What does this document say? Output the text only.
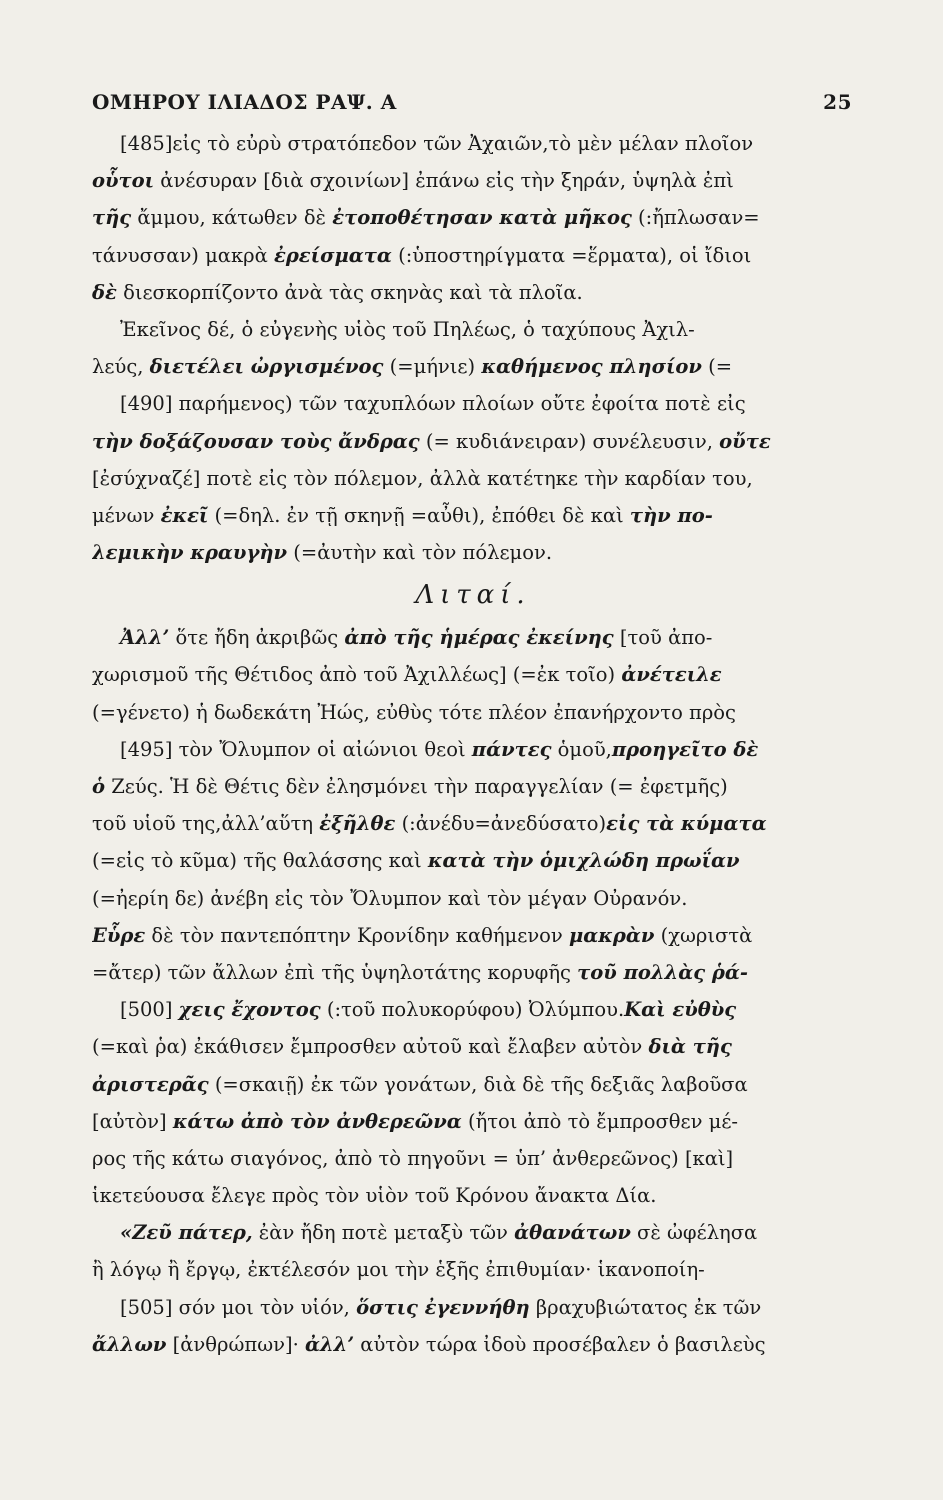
ΟΜΗΡΟΥ ΙΛΙΑΔΟΣ ΡΑΨ. Α	25
[485]εἰς τὸ εὐρὺ στρατόπεδον τῶν Ἀχαιῶν,τὸ μὲν μέλαν πλοῖον
οὗτοι ἀνέσυραν [διὰ σχοινίων] ἐπάνω εἰς τὴν ξηράν, ὑψηλὰ ἐπὶ
τῆς ἄμμου, κάτωθεν δὲ ἐτοποθέτησαν κατὰ μῆκος (:ἤπλωσαν=
τάνυσσαν) μακρὰ ἐρείσματα (:ὑποστηρίγματα =ἕρματα), οἱ ἴδιοι
δὲ διεσκορπίζοντο ἀνὰ τὰς σκηνὰς καὶ τὰ πλοῖα.
Ἐκεῖνος δέ, ὁ εὐγενὴς υἱὸς τοῦ Πηλέως, ὁ ταχύπους Ἀχιλ-
λεύς, διετέλει ὠργισμένος (=μήνιε) καθήμενος πλησίον (=
[490] παρήμενος) τῶν ταχυπλόων πλοίων οὔτε ἐφοίτα ποτὲ εἰς
τὴν δοξάζουσαν τοὺς ἄνδρας (= κυδιάνειραν) συνέλευσιν, οὔτε
[ἐσύχναζέ] ποτὲ εἰς τὸν πόλεμον, ἀλλὰ κατέτηκε τὴν καρδίαν του,
μένων ἐκεῖ (=δηλ. ἐν τῇ σκηνῇ =αὖθι), ἐπόθει δὲ καὶ τὴν πο-
λεμικὴν κραυγὴν (=ἀυτὴν καὶ τὸν πόλεμον.
Λιταί.
Ἀλλ’ ὅτε ἤδη ἀκριβῶς ἀπὸ τῆς ἡμέρας ἐκείνης [τοῦ ἀπο-
χωρισμοῦ τῆς Θέτιδος ἀπὸ τοῦ Ἀχιλλέως] (=ἐκ τοῖο) ἀνέτειλε
(=γένετο) ἡ δωδεκάτη Ἠώς, εὐθὺς τότε πλέον ἐπανήρχοντο πρὸς
[495] τὸν Ὄλυμπον οἱ αἰώνιοι θεοὶ πάντες ὁμοῦ,προηγεῖτο δὲ
ὁ Ζεύς. Ἡ δὲ Θέτις δὲν ἐλησμόνει τὴν παραγγελίαν (= ἐφετμῆς)
τοῦ υἱοῦ της,ἀλλ’αὕτη ἐξῆλθε (:ἀνέδυ=ἀνεδύσατο)εἰς τὰ κύματα
(=εἰς τὸ κῦμα) τῆς θαλάσσης καὶ κατὰ τὴν ὁμιχλώδη πρωΐαν
(=ἠερίη δε) ἀνέβη εἰς τὸν Ὄλυμπον καὶ τὸν μέγαν Οὐρανόν.
Εὗρε δὲ τὸν παντεπόπτην Κρονίδην καθήμενον μακρὰν (χωριστὰ
=ἄτερ) τῶν ἄλλων ἐπὶ τῆς ὑψηλοτάτης κορυφῆς τοῦ πολλὰς ῥά-
[500] χεις ἔχοντος (:τοῦ πολυκορύφου) Ὀλύμπου.Καὶ εὐθὺς
(=καὶ ῥα) ἐκάθισεν ἔμπροσθεν αὐτοῦ καὶ ἔλαβεν αὐτὸν διὰ τῆς
ἀριστερᾶς (=σκαιῇ) ἐκ τῶν γονάτων, διὰ δὲ τῆς δεξιᾶς λαβοῦσα
[αὐτὸν] κάτω ἀπὸ τὸν ἀνθερεῶνα (ἤτοι ἀπὸ τὸ ἔμπροσθεν μέ-
ρος τῆς κάτω σιαγόνος, ἀπὸ τὸ πηγοῦνι = ὑπ’ ἀνθερεῶνος) [καὶ]
ἱκετεύουσα ἔλεγε πρὸς τὸν υἱὸν τοῦ Κρόνου ἄνακτα Δία.
«Ζεῦ πάτερ, ἐὰν ἤδη ποτὲ μεταξὺ τῶν ἀθανάτων σὲ ὠφέλησα
ἢ λόγῳ ἢ ἔργῳ, ἐκτέλεσόν μοι τὴν ἑξῆς ἐπιθυμίαν· ἱκανοποίη-
[505] σόν μοι τὸν υἱόν, ὅστις ἐγεννήθη βραχυβιώτατος ἐκ τῶν
ἄλλων [ἀνθρώπων]· ἀλλ’ αὐτὸν τώρα ἰδοὺ προσέβαλεν ὁ βασιλεὺς
